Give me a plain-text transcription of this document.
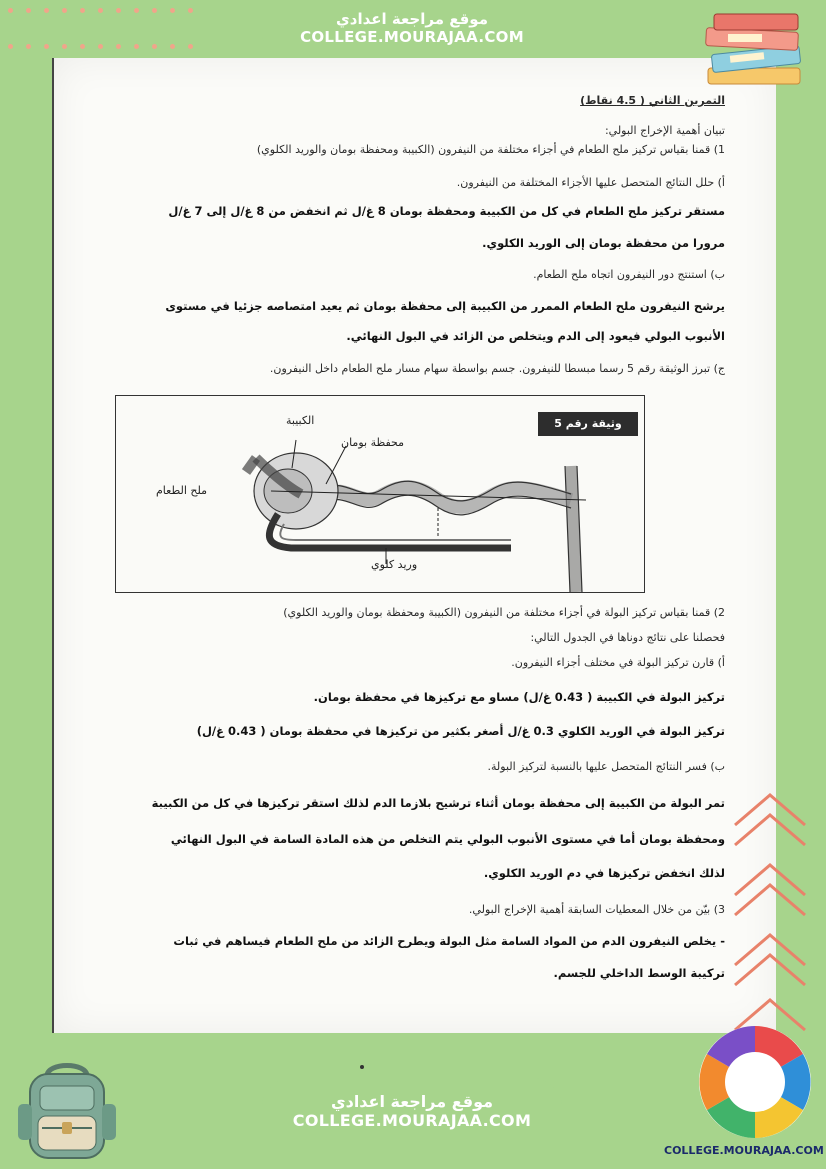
موقع مراجعة اعدادي
COLLEGE.MOURAJAA.COM
التمرين الثاني ( 4.5 نقاط)
تبيان أهمية الإخراج البولي:
1) قمنا بقياس تركيز ملح الطعام في أجزاء مختلفة من النيفرون (الكبيبة ومحفظة بومان والوريد الكلوي)
أ) حلل النتائج المتحصل عليها الأجزاء المختلفة من النيفرون.
مستقر تركيز ملح الطعام في كل من الكبيبة ومحفظة بومان 8 غ/ل ثم انخفض من 8 غ/ل إلى 7 غ/ل
مرورا من محفظة بومان إلى الوريد الكلوي.
ب) استنتج دور النيفرون اتجاه ملح الطعام.
يرشح النيفرون ملح الطعام الممرر من الكبيبة إلى محفظة بومان ثم يعيد امتصاصه جزئيا في مستوى
الأنبوب البولي فيعود إلى الدم ويتخلص من الزائد في البول النهائي.
ج) تبرز الوثيقة رقم 5 رسما مبسطا للنيفرون. جسم بواسطة سهام مسار ملح الطعام داخل النيفرون.
2) قمنا بقياس تركيز البولة في أجزاء مختلفة من النيفرون (الكبيبة ومحفظة بومان والوريد الكلوي)
فحصلنا على نتائج دوناها في الجدول التالي:
أ) قارن تركيز البولة في مختلف أجزاء النيفرون.
تركيز البولة في الكبيبة ( 0.43 غ/ل) مساو مع تركيزها في محفظة بومان.
تركيز البولة في الوريد الكلوي 0.3 غ/ل أصغر بكثير من تركيزها في محفظة بومان ( 0.43 غ/ل)
ب) فسر النتائج المتحصل عليها بالنسبة لتركيز البولة.
تمر البولة من الكبيبة إلى محفظة بومان أثناء ترشيح بلازما الدم لذلك استقر تركيزها في كل من الكبيبة
ومحفظة بومان أما في مستوى الأنبوب البولي يتم التخلص من هذه المادة السامة في البول النهائي
لذلك انخفض تركيزها في دم الوريد الكلوي.
3) بيّن من خلال المعطيات السابقة أهمية الإخراج البولي.
- يخلص النيفرون الدم من المواد السامة مثل البولة ويطرح الزائد من ملح الطعام فيساهم في ثبات
تركيبة الوسط الداخلي للجسم.
وثيقة رقم 5
الكبيبة
محفظة بومان
ملح الطعام
وريد كلوي
موقع مراجعة اعدادي
COLLEGE.MOURAJAA.COM
COLLEGE.MOURAJAA.COM
